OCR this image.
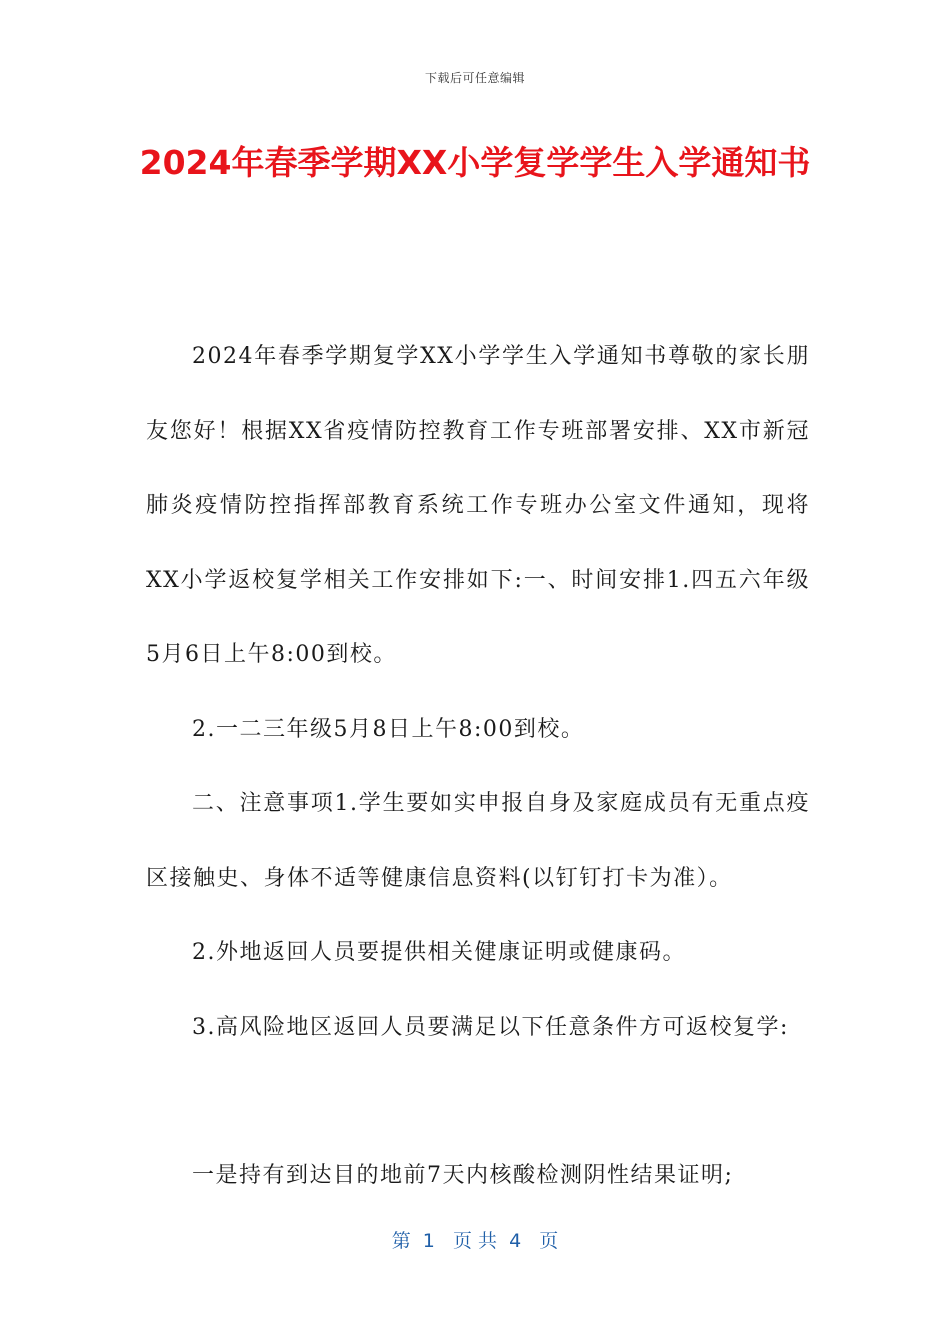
下载后可任意编辑
2024年春季学期XX小学复学学生入学通知书

2024年春季学期复学XX小学学生入学通知书尊敬的家长朋友您好！根据XX省疫情防控教育工作专班部署安排、XX市新冠肺炎疫情防控指挥部教育系统工作专班办公室文件通知，现将XX小学返校复学相关工作安排如下:一、时间安排1.四五六年级5月6日上午8:00到校。

2.一二三年级5月8日上午8:00到校。

二、注意事项1.学生要如实申报自身及家庭成员有无重点疫区接触史、身体不适等健康信息资料(以钉钉打卡为准）。

2.外地返回人员要提供相关健康证明或健康码。

3.高风险地区返回人员要满足以下任意条件方可返校复学:

一是持有到达目的地前7天内核酸检测阴性结果证明;

第  1   页 共  4   页
